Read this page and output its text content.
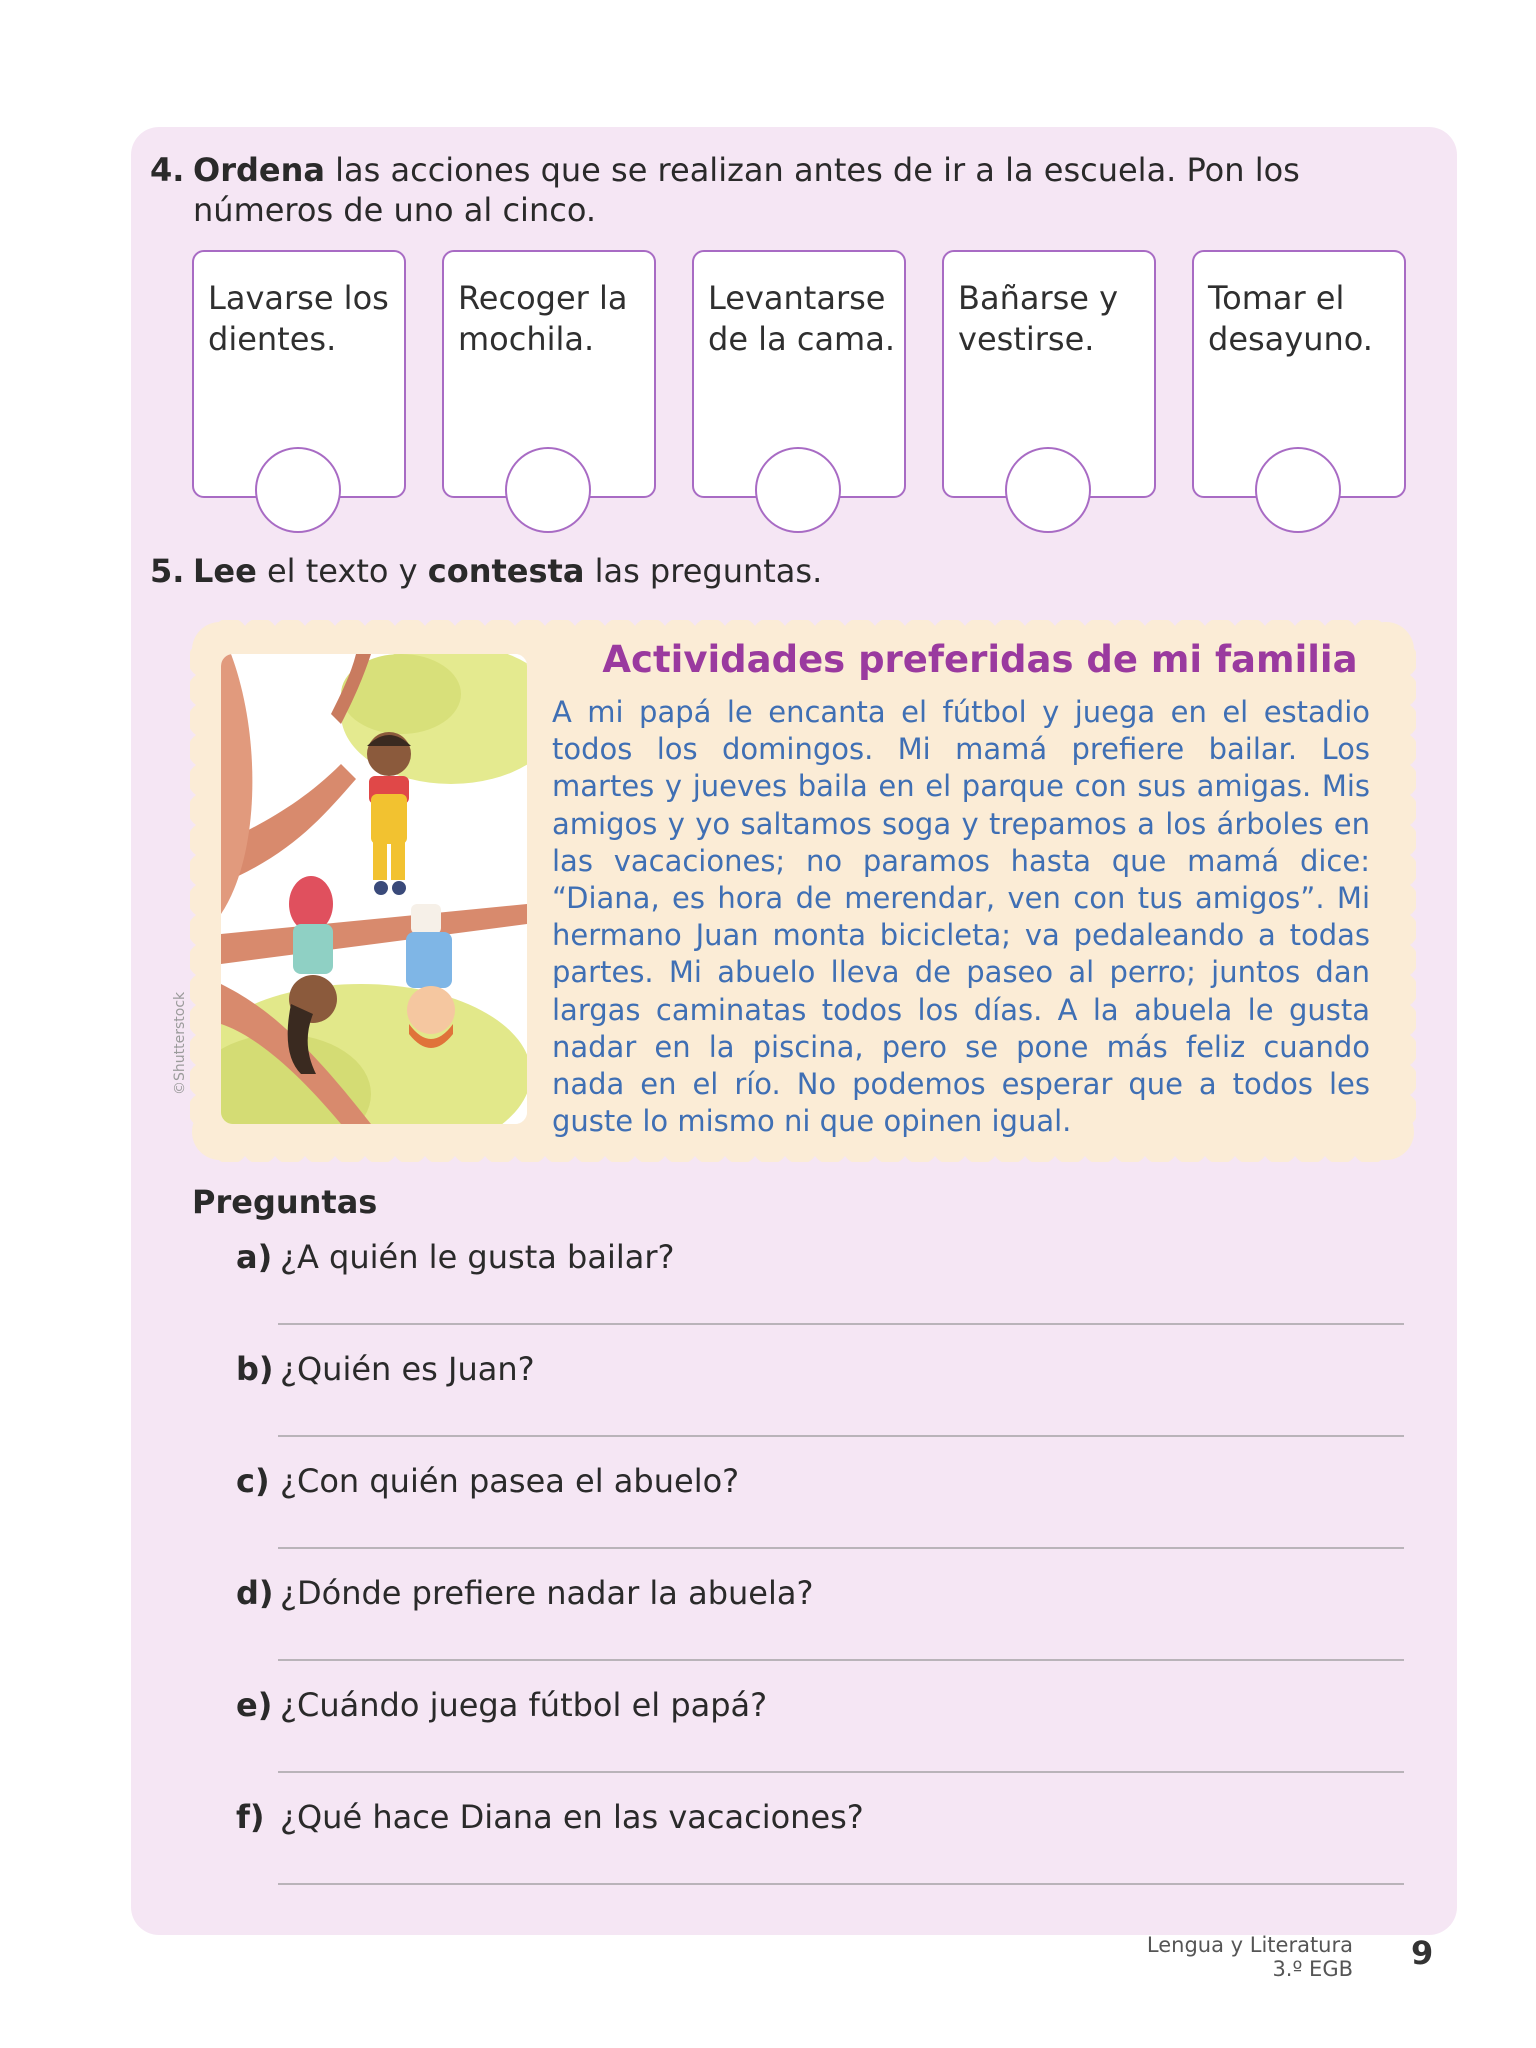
4. Ordena las acciones que se realizan antes de ir a la escuela. Pon los números de uno al cinco.
Lavarse los dientes.
Recoger la mochila.
Levantarse de la cama.
Bañarse y vestirse.
Tomar el desayuno.
5. Lee el texto y contesta las preguntas.
©Shutterstock
Actividades preferidas de mi familia
A mi papá le encanta el fútbol y juega en el estadio todos los domingos. Mi mamá prefiere bailar. Los martes y jueves baila en el parque con sus amigas. Mis amigos y yo saltamos soga y trepamos a los árboles en las vacaciones; no paramos hasta que mamá dice: “Diana, es hora de merendar, ven con tus amigos”. Mi hermano Juan monta bicicleta; va pedaleando a todas partes. Mi abuelo lleva de paseo al perro; juntos dan largas caminatas todos los días. A la abuela le gusta nadar en la piscina, pero se pone más feliz cuando nada en el río. No podemos esperar que a todos les guste lo mismo ni que opinen igual.
Preguntas
a) ¿A quién le gusta bailar?
b) ¿Quién es Juan?
c) ¿Con quién pasea el abuelo?
d) ¿Dónde prefiere nadar la abuela?
e) ¿Cuándo juega fútbol el papá?
f) ¿Qué hace Diana en las vacaciones?
Lengua y Literatura
3.º EGB 9
